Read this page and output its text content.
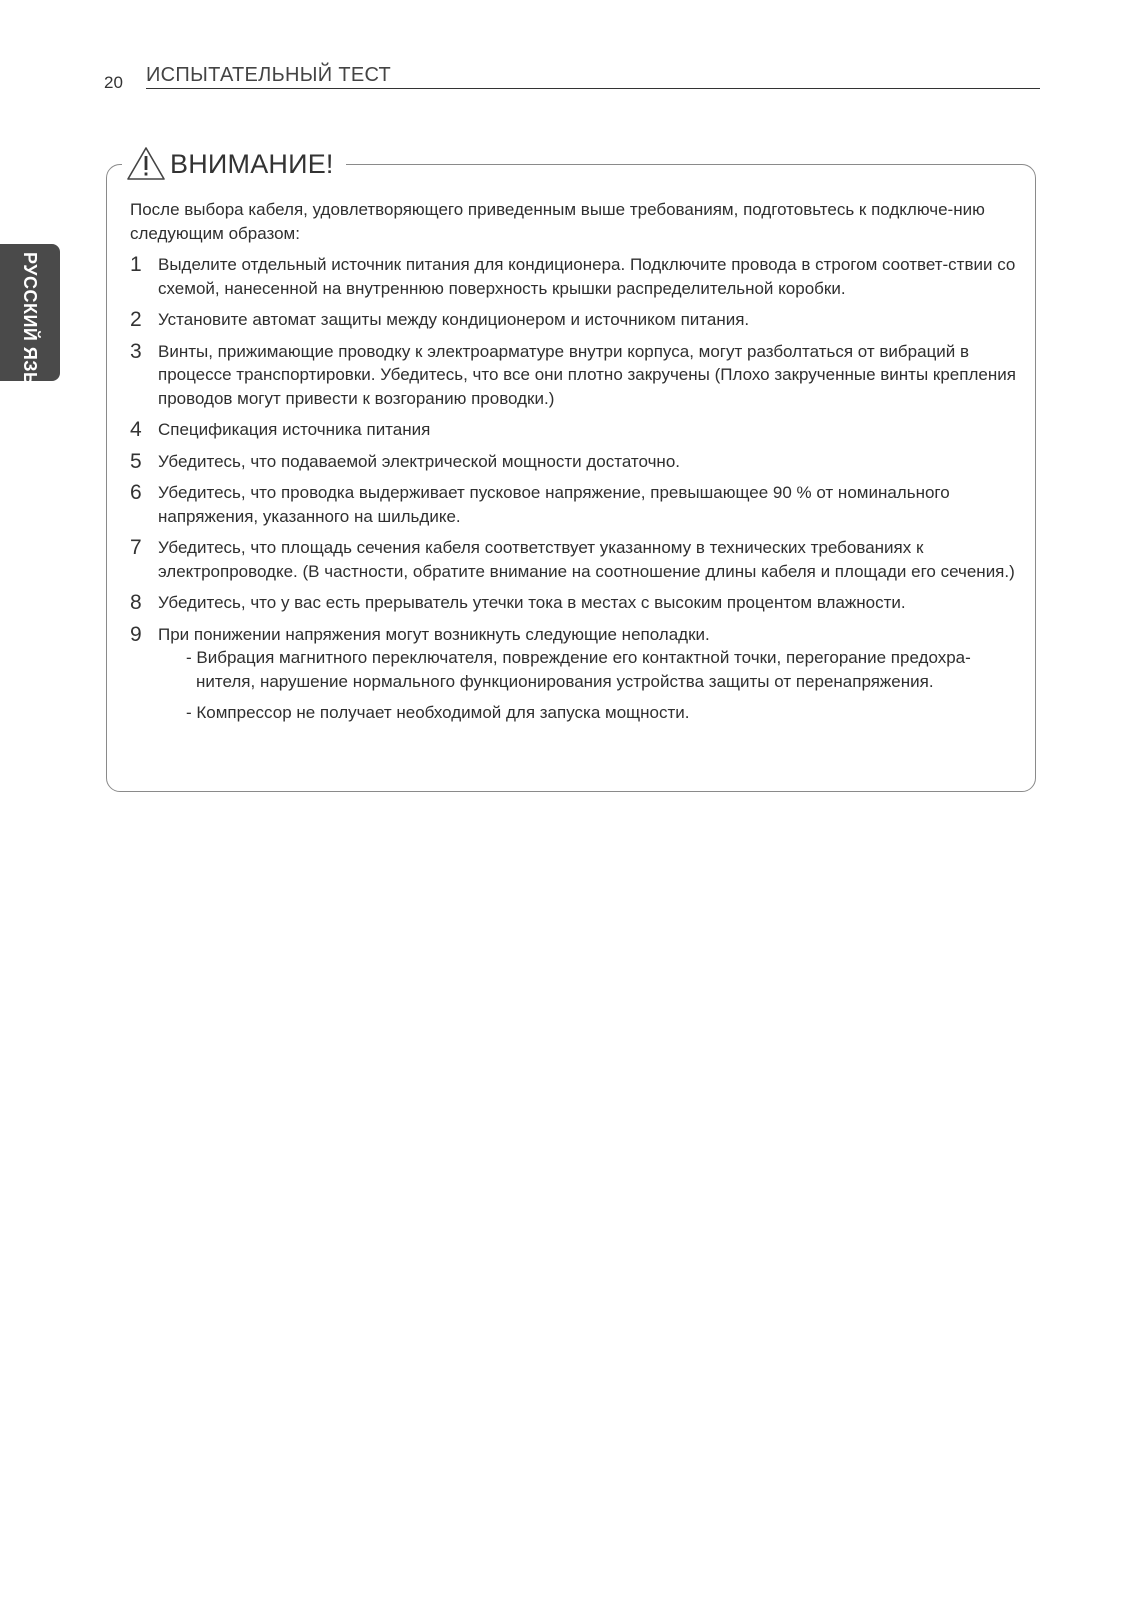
20 ИСПЫТАТЕЛЬНЫЙ ТЕСТ
РУССКИЙ ЯЗЫК
ВНИМАНИЕ!

После выбора кабеля, удовлетворяющего приведенным выше требованиям, подготовьтесь к подключе-нию следующим образом:

1 Выделите отдельный источник питания для кондиционера. Подключите провода в строгом соответ-ствии со схемой, нанесенной на внутреннюю поверхность крышки распределительной коробки.
2 Установите автомат защиты между кондиционером и источником питания.
3 Винты, прижимающие проводку к электроарматуре внутри корпуса, могут разболтаться от вибраций в процессе транспортировки. Убедитесь, что все они плотно закручены (Плохо закрученные винты крепления проводов могут привести к возгоранию проводки.)
4 Спецификация источника питания
5 Убедитесь, что подаваемой электрической мощности достаточно.
6 Убедитесь, что проводка выдерживает пусковое напряжение, превышающее 90 % от номинального напряжения, указанного на шильдике.
7 Убедитесь, что площадь сечения кабеля соответствует указанному в технических требованиях к электропроводке. (В частности, обратите внимание на соотношение длины кабеля и площади его сечения.)
8 Убедитесь, что у вас есть прерыватель утечки тока в местах с высоким процентом влажности.
9 При понижении напряжения могут возникнуть следующие неполадки.
- Вибрация магнитного переключателя, повреждение его контактной точки, перегорание предохра-нителя, нарушение нормального функционирования устройства защиты от перенапряжения.
- Компрессор не получает необходимой для запуска мощности.
